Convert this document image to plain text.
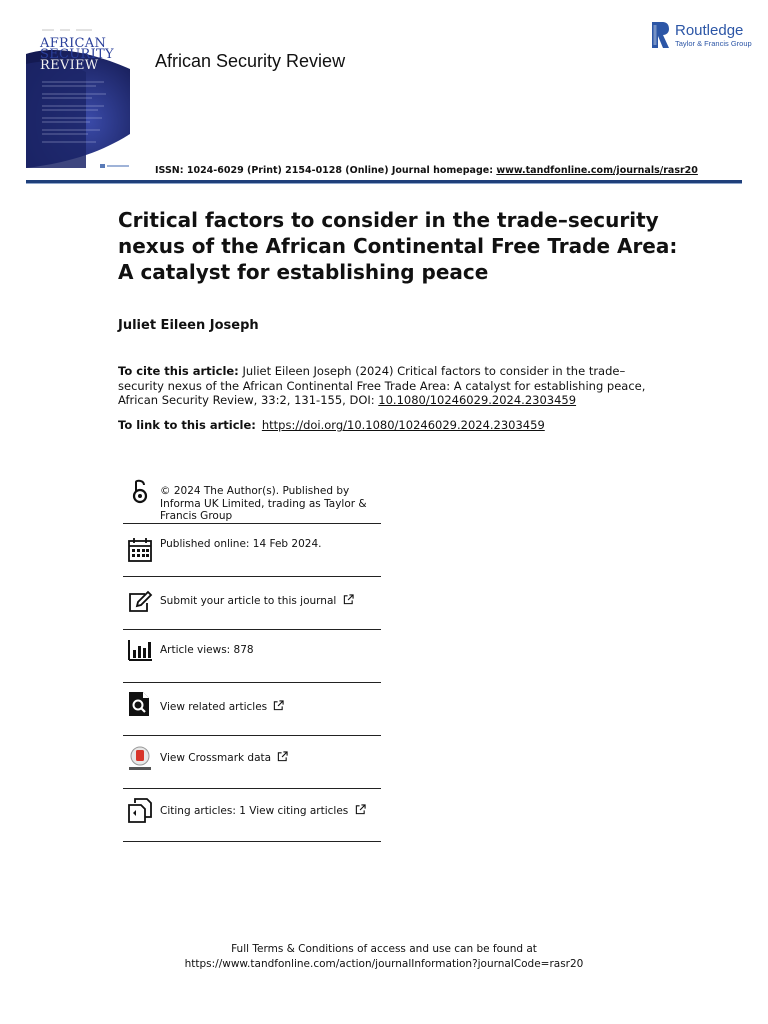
AFRICAN
SECURITY
REVIEW	African Security Review
Routledge
Taylor & Francis Group
ISSN: 1024-6029 (Print) 2154-0128 (Online) Journal homepage: www.tandfonline.com/journals/rasr20
Critical factors to consider in the trade–security nexus of the African Continental Free Trade Area: A catalyst for establishing peace
Juliet Eileen Joseph
To cite this article: Juliet Eileen Joseph (2024) Critical factors to consider in the trade–security nexus of the African Continental Free Trade Area: A catalyst for establishing peace, African Security Review, 33:2, 131-155, DOI: 10.1080/10246029.2024.2303459
To link to this article: https://doi.org/10.1080/10246029.2024.2303459
© 2024 The Author(s). Published by Informa UK Limited, trading as Taylor & Francis Group
Published online: 14 Feb 2024.
Submit your article to this journal
Article views: 878
View related articles
View Crossmark data
Citing articles: 1 View citing articles
Full Terms & Conditions of access and use can be found at
https://www.tandfonline.com/action/journalInformation?journalCode=rasr20
